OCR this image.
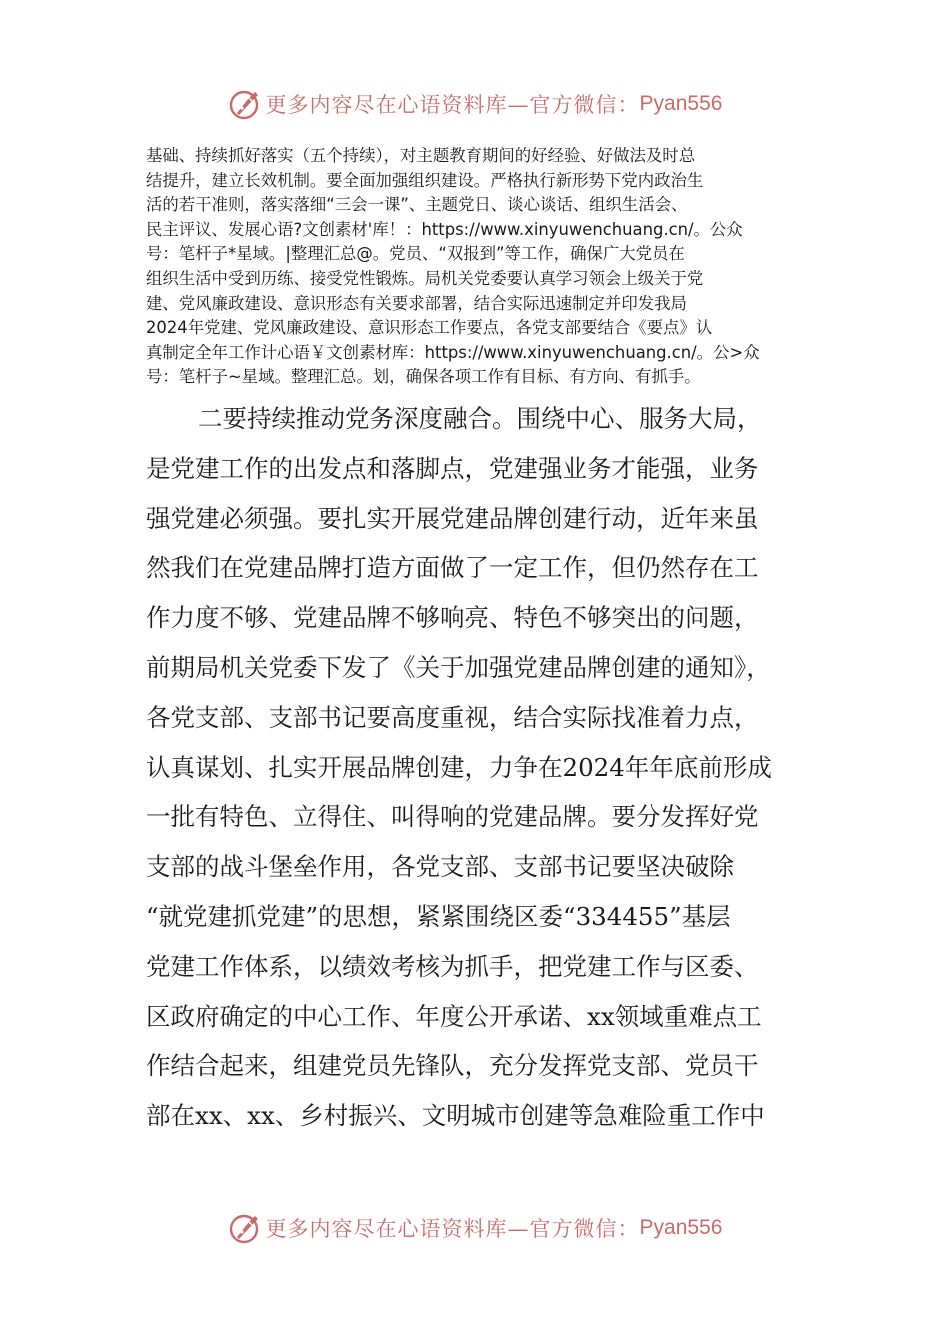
更多内容尽在心语资料库—官方微信： Pyan556

基础、持续抓好落实（五个持续），对主题教育期间的好经验、好做法及时总

结提升，建立长效机制。要全面加强组织建设。严格执行新形势下党内政治生

活的若干准则，落实落细“三会一课”、主题党日、谈心谈话、组织生活会、

民主评议、发展心语?文创素材'库！：https://www.xinyuwenchuang.cn/。公众

号：笔杆子*星域。|整理汇总@。党员、“双报到”等工作，确保广大党员在

组织生活中受到历练、接受党性锻炼。局机关党委要认真学习领会上级关于党

建、党风廉政建设、意识形态有关要求部署，结合实际迅速制定并印发我局

2024年党建、党风廉政建设、意识形态工作要点，各党支部要结合《要点》认

真制定全年工作计心语￥文创素材库：https://www.xinyuwenchuang.cn/。公>众

号：笔杆子~星域。整理汇总。划，确保各项工作有目标、有方向、有抓手。

二要持续推动党务深度融合。围绕中心、服务大局，

是党建工作的出发点和落脚点，党建强业务才能强，业务

强党建必须强。要扎实开展党建品牌创建行动，近年来虽

然我们在党建品牌打造方面做了一定工作，但仍然存在工

作力度不够、党建品牌不够响亮、特色不够突出的问题，

前期局机关党委下发了《关于加强党建品牌创建的通知》，

各党支部、支部书记要高度重视，结合实际找准着力点，

认真谋划、扎实开展品牌创建，力争在2024年年底前形成

一批有特色、立得住、叫得响的党建品牌。要分发挥好党

支部的战斗堡垒作用，各党支部、支部书记要坚决破除

“就党建抓党建”的思想，紧紧围绕区委“334455”基层

党建工作体系，以绩效考核为抓手，把党建工作与区委、

区政府确定的中心工作、年度公开承诺、xx领域重难点工

作结合起来，组建党员先锋队，充分发挥党支部、党员干

部在xx、xx、乡村振兴、文明城市创建等急难险重工作中

更多内容尽在心语资料库—官方微信： Pyan556
